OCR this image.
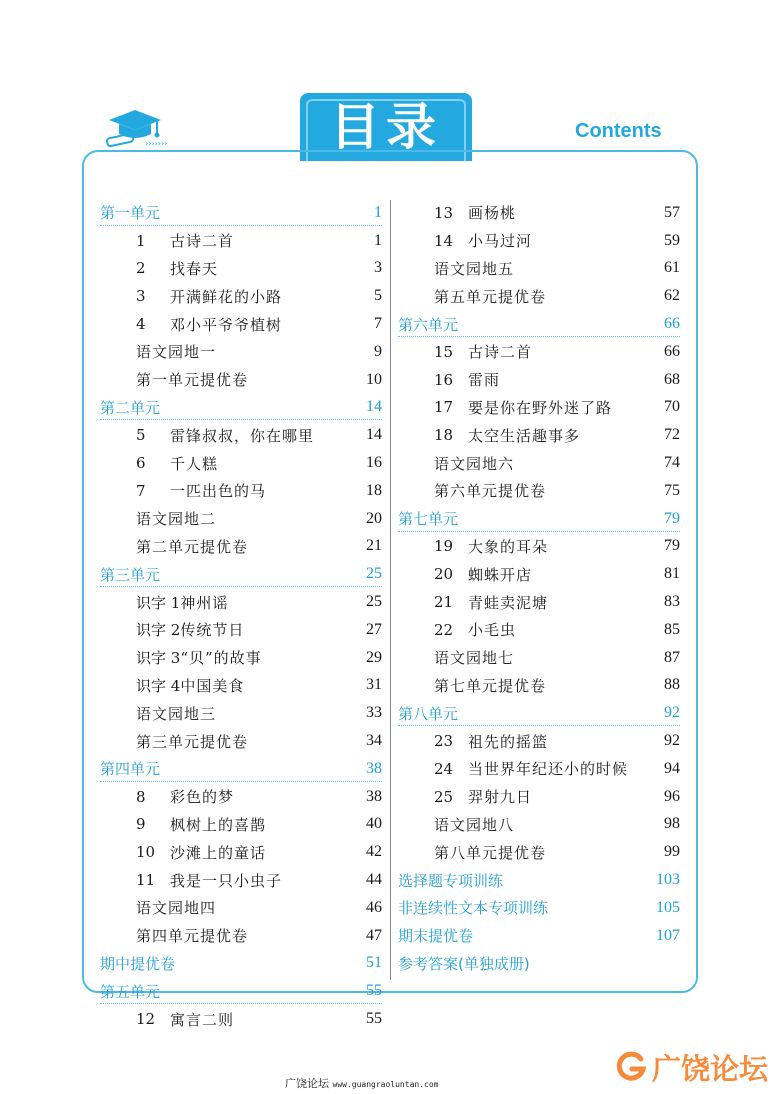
›››››››	目录	Contents
第一单元	1
1	古诗二首	1
2	找春天	3
3	开满鲜花的小路	5
4	邓小平爷爷植树	7
语文园地一	9
第一单元提优卷	10
第二单元	14
5	雷锋叔叔，你在哪里	14
6	千人糕	16
7	一匹出色的马	18
语文园地二	20
第二单元提优卷	21
第三单元	25
识字 1 神州谣	25
识字 2 传统节日	27
识字 3 “贝”的故事	29
识字 4 中国美食	31
语文园地三	33
第三单元提优卷	34
第四单元	38
8	彩色的梦	38
9	枫树上的喜鹊	40
10 沙滩上的童话	42
11 我是一只小虫子	44
语文园地四	46
第四单元提优卷	47
期中提优卷	51
第五单元	55
12 寓言二则	55
13 画杨桃	57
14 小马过河	59
语文园地五	61
第五单元提优卷	62
第六单元	66
15 古诗二首	66
16 雷雨	68
17 要是你在野外迷了路	70
18 太空生活趣事多	72
语文园地六	74
第六单元提优卷	75
第七单元	79
19 大象的耳朵	79
20 蜘蛛开店	81
21 青蛙卖泥塘	83
22 小毛虫	85
语文园地七	87
第七单元提优卷	88
第八单元	92
23 祖先的摇篮	92
24 当世界年纪还小的时候	94
25 羿射九日	96
语文园地八	98
第八单元提优卷	99
选择题专项训练	103
非连续性文本专项训练	105
期末提优卷	107
参考答案(单独成册)
广饶论坛 www.guangraoluntan.com	广饶论坛
